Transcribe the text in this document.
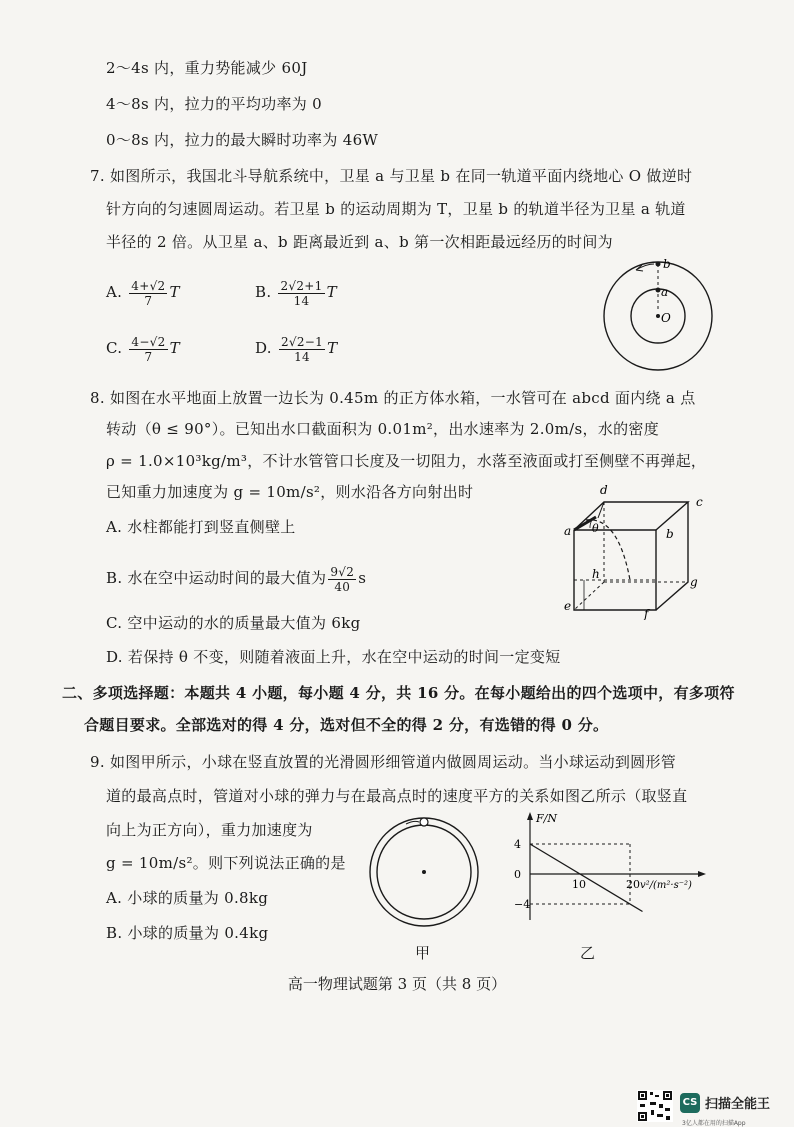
2～4s 内，重力势能减少 60J
4～8s 内，拉力的平均功率为 0
0～8s 内，拉力的最大瞬时功率为 46W
7. 如图所示，我国北斗导航系统中，卫星 a 与卫星 b 在同一轨道平面内绕地心 O 做逆时
针方向的匀速圆周运动。若卫星 b 的运动周期为 T，卫星 b 的轨道半径为卫星 a 轨道
半径的 2 倍。从卫星 a、b 距离最近到 a、b 第一次相距最远经历的时间为
A. $\frac{4+√2}{7}$ T	B. $\frac{2√2+1}{14}$ T
C. $\frac{4-√2}{7}$ T	D. $\frac{2√2-1}{14}$ T
b
a
O
8. 如图在水平地面上放置一边长为 0.45m 的正方体水箱，一水管可在 abcd 面内绕 a 点
转动（θ ≤ 90°）。已知出水口截面积为 0.01m²，出水速率为 2.0m/s，水的密度
ρ = 1.0×10³kg/m³，不计水管管口长度及一切阻力，水落至液面或打至侧壁不再弹起，
已知重力加速度为 g = 10m/s²，则水沿各方向射出时
A. 水柱都能打到竖直侧壁上
B. 水在空中运动时间的最大值为 $\frac{9√2}{40}$ s
C. 空中运动的水的质量最大值为 6kg
D. 若保持 θ 不变，则随着液面上升，水在空中运动的时间一定变短
a	b
c
d
e
f
g
h
θ
二、多项选择题：本题共 4 小题，每小题 4 分，共 16 分。在每小题给出的四个选项中，有多项符
合题目要求。全部选对的得 4 分，选对但不全的得 2 分，有选错的得 0 分。
9. 如图甲所示，小球在竖直放置的光滑圆形细管道内做圆周运动。当小球运动到圆形管
道的最高点时，管道对小球的弹力与在最高点时的速度平方的关系如图乙所示（取竖直
向上为正方向），重力加速度为
g = 10m/s²。则下列说法正确的是
A. 小球的质量为 0.8kg
B. 小球的质量为 0.4kg
甲
4
0
−4
10	20 v²/(m²·s⁻²)
F/N
乙
高一物理试题第 3 页（共 8 页）
CS 扫描全能王
3亿人都在用的扫描App
